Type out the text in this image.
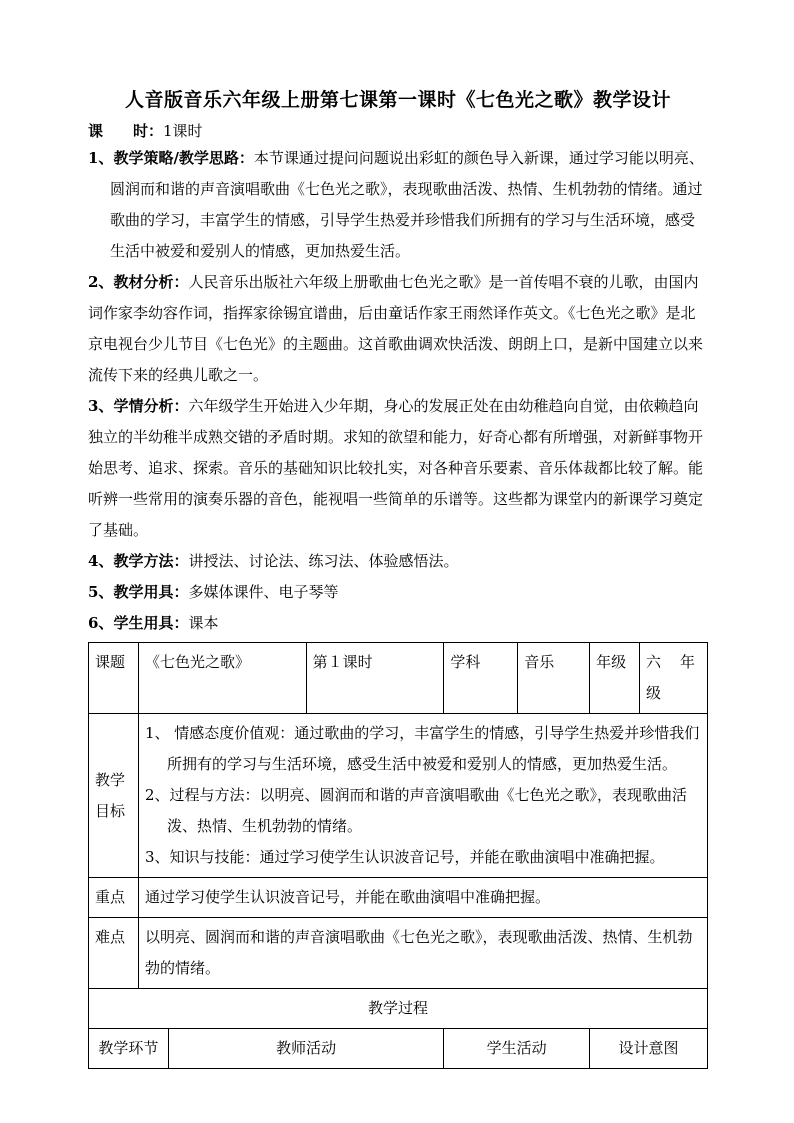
人音版音乐六年级上册第七课第一课时《七色光之歌》教学设计
课　　时：1课时

1、教学策略/教学思路：本节课通过提问问题说出彩虹的颜色导入新课，通过学习能以明亮、圆润而和谐的声音演唱歌曲《七色光之歌》，表现歌曲活泼、热情、生机勃勃的情绪。通过歌曲的学习，丰富学生的情感，引导学生热爱并珍惜我们所拥有的学习与生活环境，感受生活中被爱和爱别人的情感，更加热爱生活。

2、教材分析：人民音乐出版社六年级上册歌曲七色光之歌》是一首传唱不衰的儿歌，由国内词作家李幼容作词，指挥家徐锡宜谱曲，后由童话作家王雨然译作英文。《七色光之歌》是北京电视台少儿节目《七色光》的主题曲。这首歌曲调欢快活泼、朗朗上口，是新中国建立以来流传下来的经典儿歌之一。

3、学情分析：六年级学生开始进入少年期，身心的发展正处在由幼稚趋向自觉，由依赖趋向独立的半幼稚半成熟交错的矛盾时期。求知的欲望和能力，好奇心都有所增强，对新鲜事物开始思考、追求、探索。音乐的基础知识比较扎实，对各种音乐要素、音乐体裁都比较了解。能听辨一些常用的演奏乐器的音色，能视唱一些简单的乐谱等。这些都为课堂内的新课学习奠定了基础。

4、教学方法：讲授法、讨论法、练习法、体验感悟法。

5、教学用具：多媒体课件、电子琴等

6、学生用具：课本

课题	《七色光之歌》		第１课时	学科	音乐	年级	六　年级
教学目标	1、 情感态度价值观：通过歌曲的学习，丰富学生的情感，引导学生热爱并珍惜我们所拥有的学习与生活环境，感受生活中被爱和爱别人的情感，更加热爱生活。

2、过程与方法：以明亮、圆润而和谐的声音演唱歌曲《七色光之歌》，表现歌曲活泼、热情、生机勃勃的情绪。

3、知识与技能：通过学习使学生认识波音记号，并能在歌曲演唱中准确把握。						

重点	通过学习使学生认识波音记号，并能在歌曲演唱中准确把握。						
难点	以明亮、圆润而和谐的声音演唱歌曲《七色光之歌》，表现歌曲活泼、热情、生机勃勃的情绪。						
教学过程							
教学环节		教师活动		学生活动		设计意图	
